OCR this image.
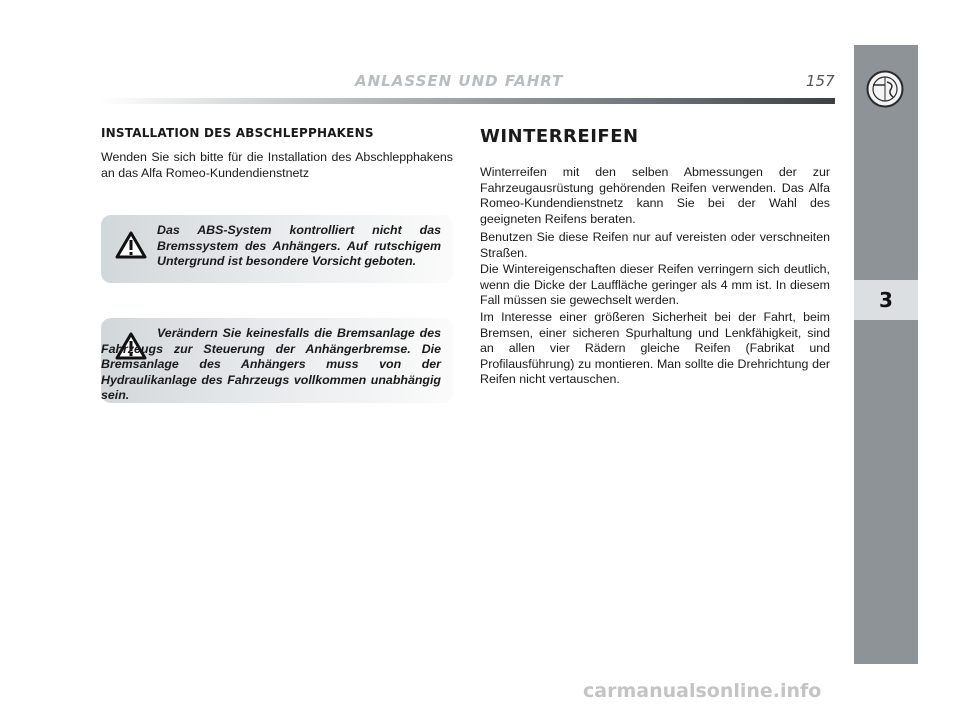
ANLASSEN UND FAHRT	157
3
INSTALLATION DES ABSCHLEPPHAKENS

Wenden Sie sich bitte für die Installation des Abschlepphakens an das Alfa Romeo-Kundendienstnetz

Das ABS-System kontrolliert nicht das Bremssystem des Anhängers. Auf rutschigem Untergrund ist besondere Vorsicht geboten.

Verändern Sie keinesfalls die Bremsanlage des Fahrzeugs zur Steuerung der Anhängerbremse. Die Bremsanlage des Anhängers muss von der Hydraulikanlage des Fahrzeugs vollkommen unabhängig sein.

WINTERREIFEN

Winterreifen mit den selben Abmessungen der zur Fahrzeugausrüstung gehörenden Reifen verwenden. Das Alfa Romeo-Kundendienstnetz kann Sie bei der Wahl des geeigneten Reifens beraten.

Benutzen Sie diese Reifen nur auf vereisten oder verschneiten Straßen.

Die Wintereigenschaften dieser Reifen verringern sich deutlich, wenn die Dicke der Lauffläche geringer als 4 mm ist. In diesem Fall müssen sie gewechselt werden.

Im Interesse einer größeren Sicherheit bei der Fahrt, beim Bremsen, einer sicheren Spurhaltung und Lenkfähigkeit, sind an allen vier Rädern gleiche Reifen (Fabrikat und Profilausführung) zu montieren. Man sollte die Drehrichtung der Reifen nicht vertauschen.

carmanualsonline.info
